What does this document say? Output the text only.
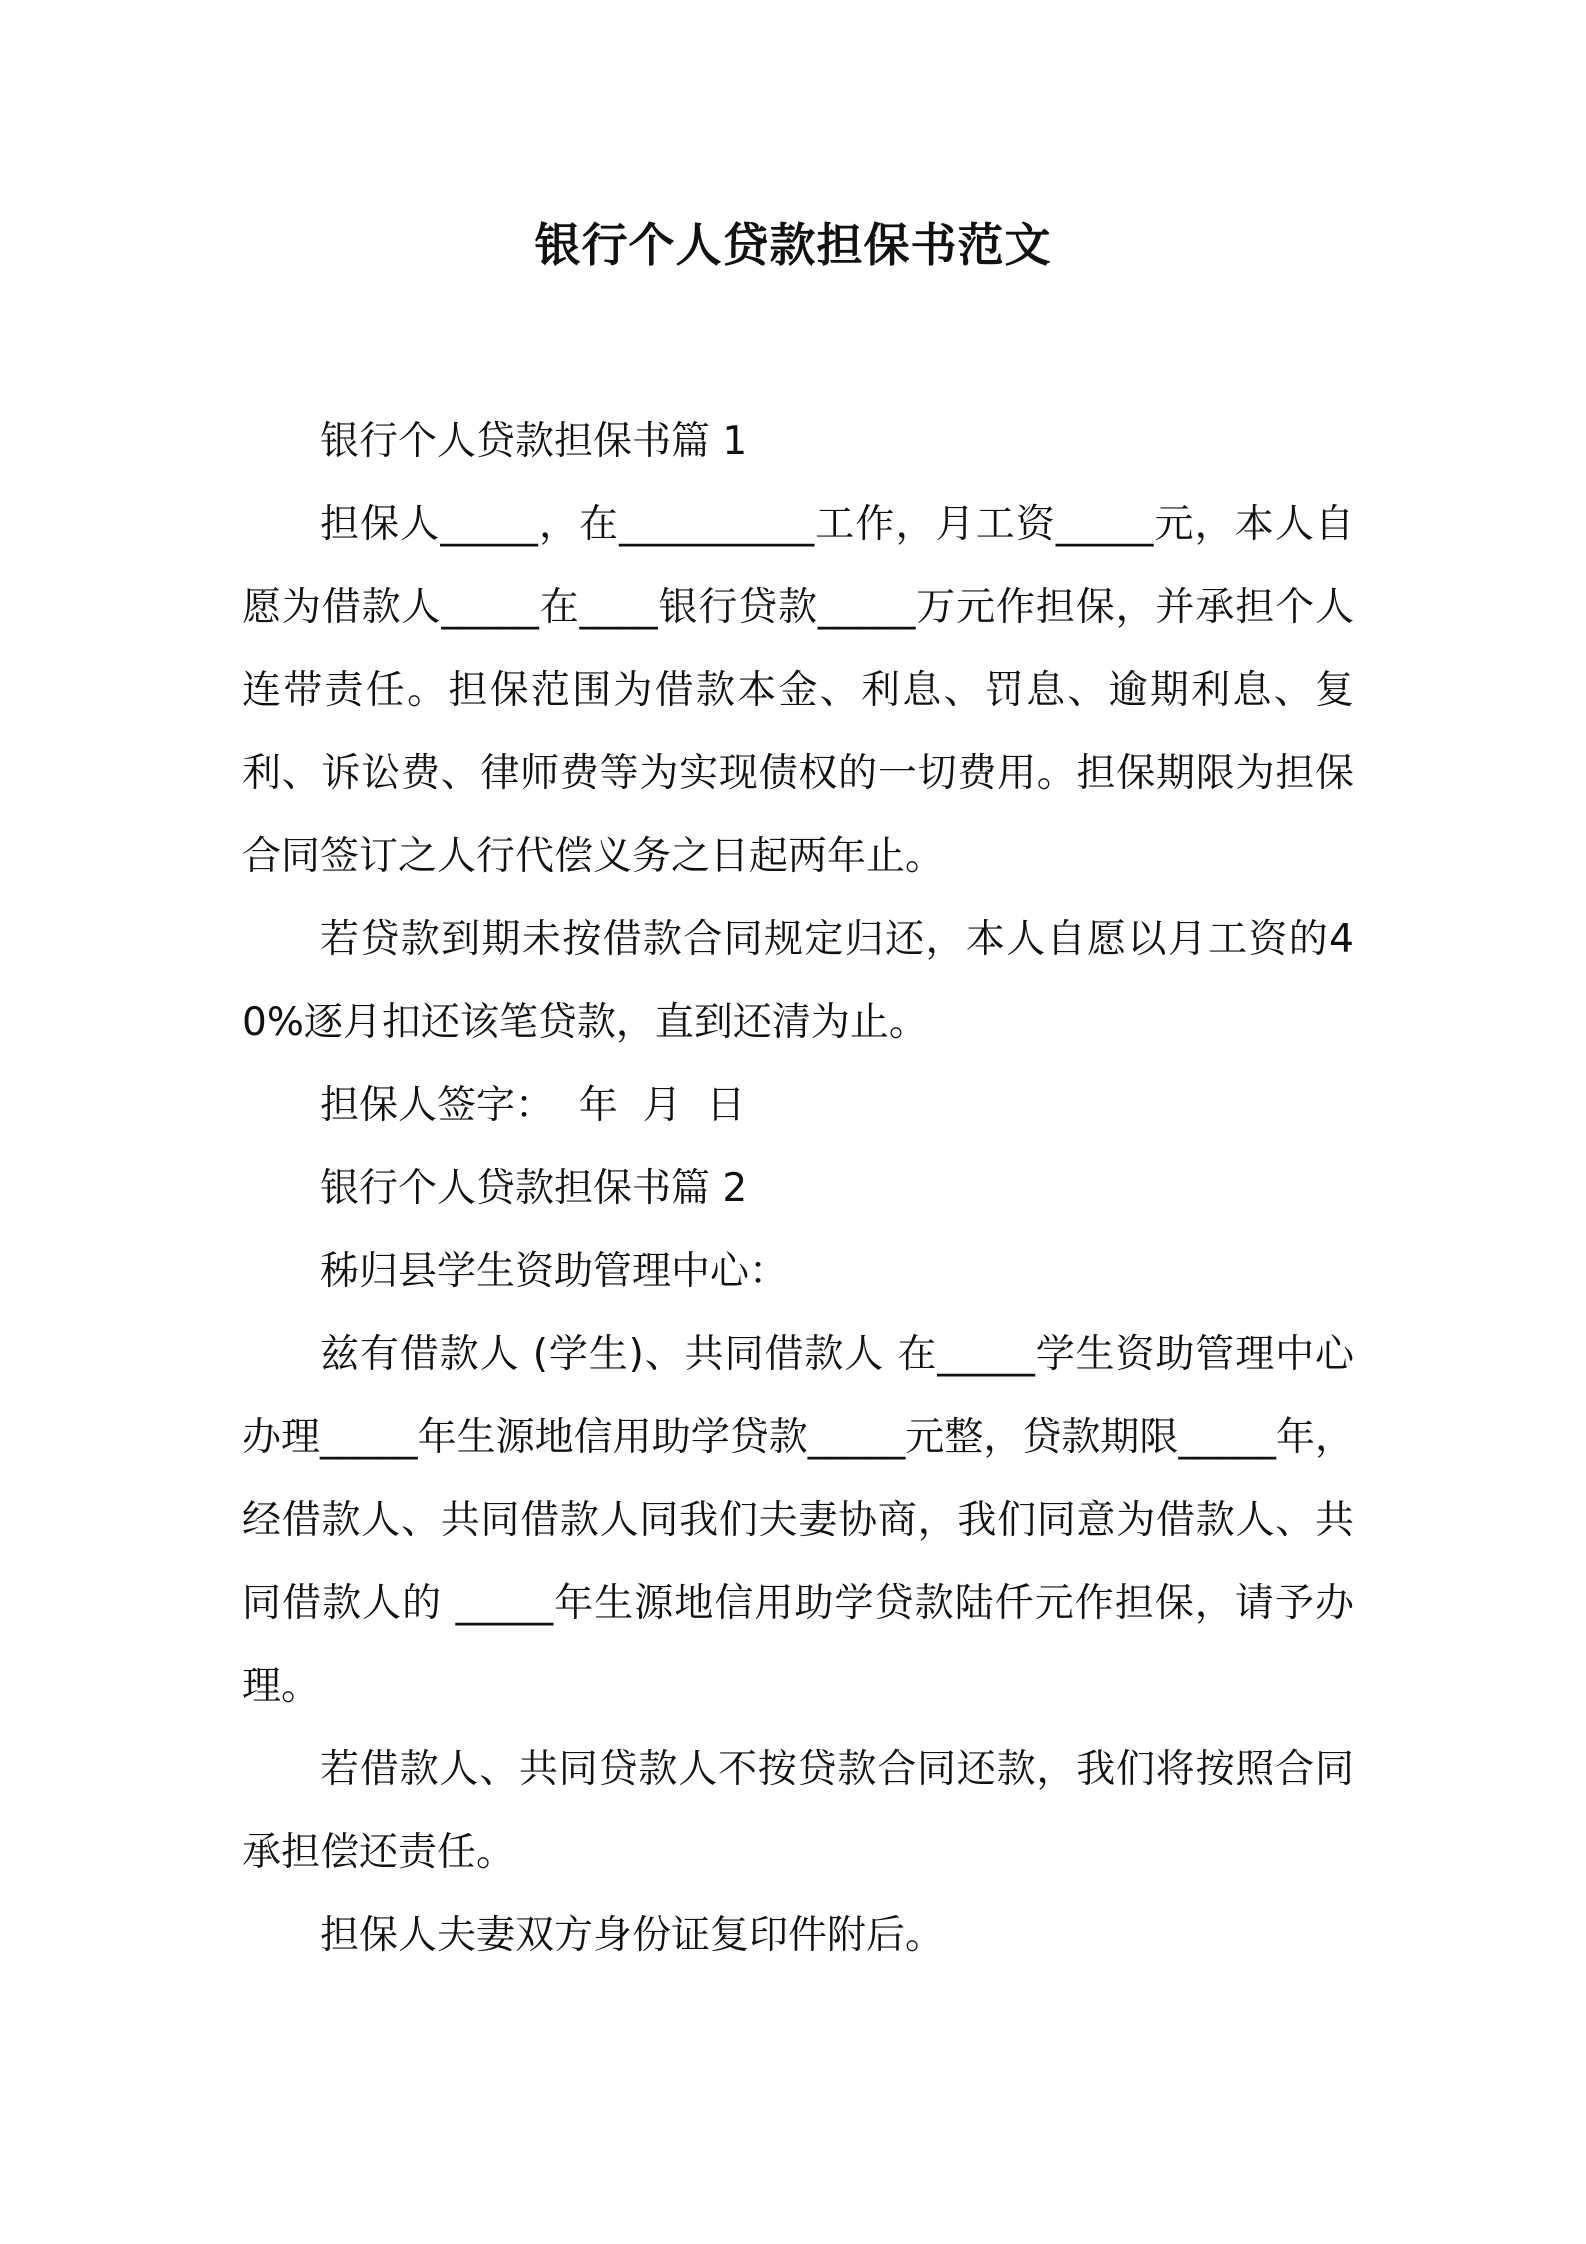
银行个人贷款担保书范文

银行个人贷款担保书篇 1

担保人_____，在__________工作，月工资_____元，本人自愿为借款人_____在____银行贷款_____万元作担保，并承担个人连带责任。担保范围为借款本金、利息、罚息、逾期利息、复利、诉讼费、律师费等为实现债权的一切费用。担保期限为担保合同签订之人行代偿义务之日起两年止。

若贷款到期未按借款合同规定归还，本人自愿以月工资的40%逐月扣还该笔贷款，直到还清为止。

担保人签字：  年  月  日

银行个人贷款担保书篇 2

秭归县学生资助管理中心：

兹有借款人 (学生)、共同借款人 在_____学生资助管理中心办理_____年生源地信用助学贷款_____元整，贷款期限_____年，经借款人、共同借款人同我们夫妻协商，我们同意为借款人、共同借款人的 _____年生源地信用助学贷款陆仟元作担保，请予办理。

若借款人、共同贷款人不按贷款合同还款，我们将按照合同承担偿还责任。

担保人夫妻双方身份证复印件附后。
